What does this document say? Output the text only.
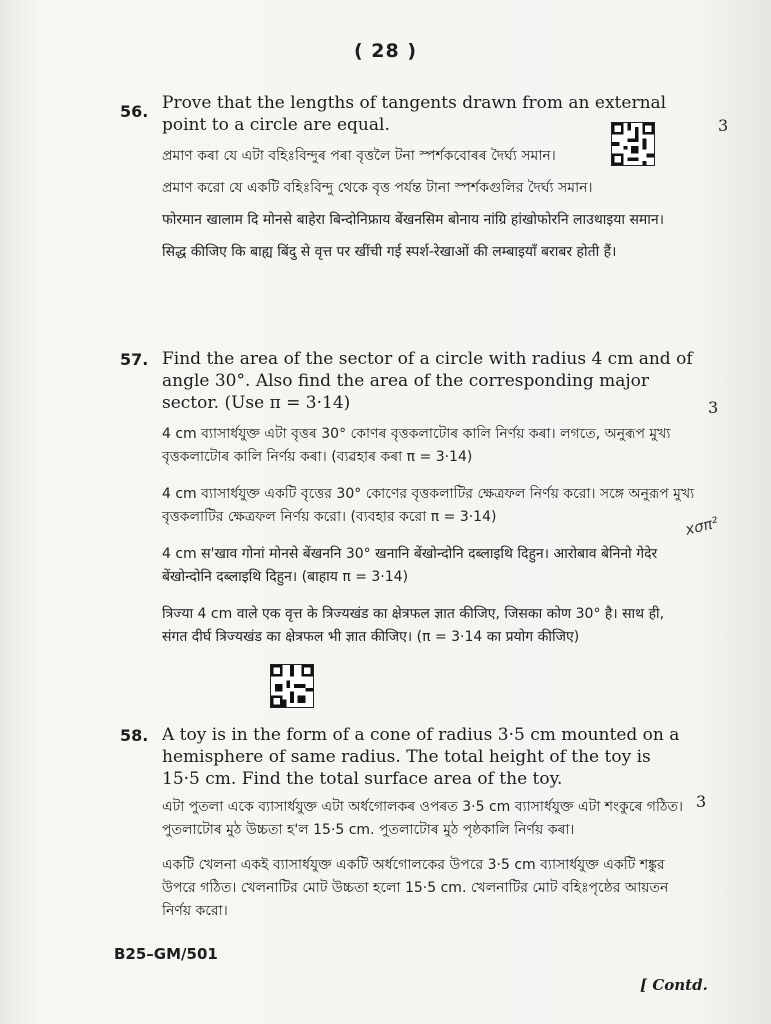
( 28 )
56. Prove that the lengths of tangents drawn from an external point to a circle are equal.

প্ৰমাণ কৰা যে এটা বহিঃবিন্দুৰ পৰা বৃত্তলৈ টনা স্পৰ্শকবোৰৰ দৈৰ্ঘ্য সমান।

প্রমাণ করো যে একটি বহিঃবিন্দু থেকে বৃত্ত পর্যন্ত টানা স্পর্শকগুলির দৈর্ঘ্য সমান।

फोरमान खालाम दि मोनसे बाहेरा बिन्दोनिफ्राय बेंखनसिम बोनाय नांग्रि हांखोफोरनि लाउथाइया समान।

सिद्ध कीजिए कि बाह्य बिंदु से वृत्त पर खींची गई स्पर्श-रेखाओं की लम्बाइयाँ बराबर होती हैं।

3
57. Find the area of the sector of a circle with radius 4 cm and of angle 30°. Also find the area of the corresponding major sector. (Use π = 3·14)

4 cm ব্যাসাৰ্ধযুক্ত এটা বৃত্তৰ 30° কোণৰ বৃত্তকলাটোৰ কালি নিৰ্ণয় কৰা। লগতে, অনুৰূপ মুখ্য বৃত্তকলাটোৰ কালি নিৰ্ণয় কৰা। (ব্যৱহাৰ কৰা π = 3·14)

4 cm ব্যাসার্ধযুক্ত একটি বৃত্তের 30° কোণের বৃত্তকলাটির ক্ষেত্রফল নির্ণয় করো। সঙ্গে অনুরূপ মুখ্য বৃত্তকলাটির ক্ষেত্রফল নির্ণয় করো। (ব্যবহার করো π = 3·14)

4 cm स'खाव गोनां मोनसे बेंखननि 30° खनानि बेंखोन्दोनि दब्लाइथि दिहुन। आरोबाव बेनिनो गेदेर बेंखोन्दोनि दब्लाइथि दिहुन। (बाहाय π = 3·14)

त्रिज्या 4 cm वाले एक वृत्त के त्रिज्यखंड का क्षेत्रफल ज्ञात कीजिए, जिसका कोण 30° है। साथ ही, संगत दीर्घ त्रिज्यखंड का क्षेत्रफल भी ज्ञात कीजिए। (π = 3·14 का प्रयोग कीजिए)

3
xσπ²
58. A toy is in the form of a cone of radius 3·5 cm mounted on a hemisphere of same radius. The total height of the toy is 15·5 cm. Find the total surface area of the toy.

এটা পুতলা একে ব্যাসাৰ্ধযুক্ত এটা অৰ্ধগোলকৰ ওপৰত 3·5 cm ব্যাসাৰ্ধযুক্ত এটা শংকুৰে গঠিত। পুতলাটোৰ মুঠ উচ্চতা হ'ল 15·5 cm. পুতলাটোৰ মুঠ পৃষ্ঠকালি নিৰ্ণয় কৰা।

একটি খেলনা একই ব্যাসার্ধযুক্ত একটি অর্ধগোলকের উপরে 3·5 cm ব্যাসার্ধযুক্ত একটি শঙ্কুর উপরে গঠিত। খেলনাটির মোট উচ্চতা হলো 15·5 cm. খেলনাটির মোট বহিঃপৃষ্ঠের আয়তন নির্ণয় করো।

3
B25–GM/501
[ Contd.
